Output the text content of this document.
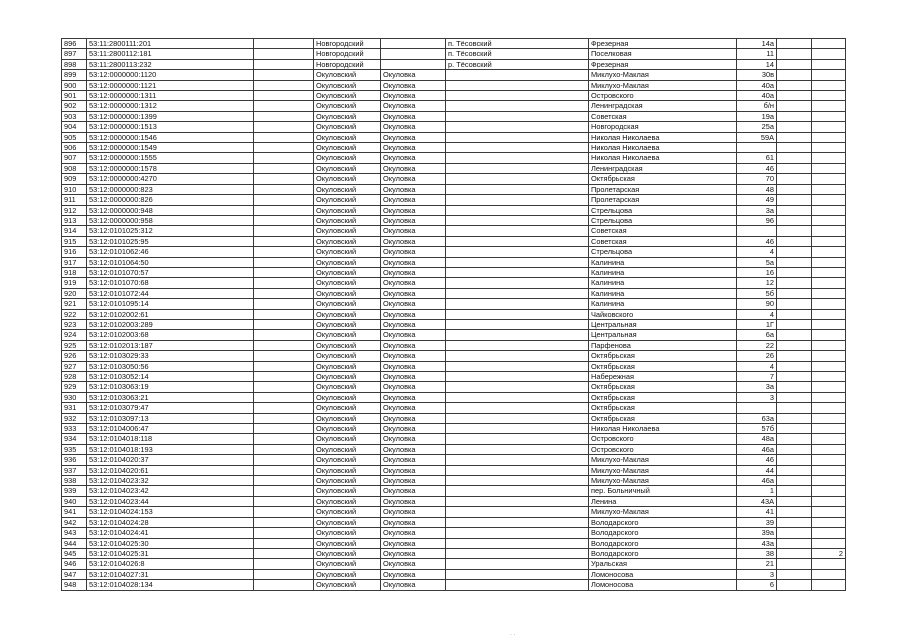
896	53:11:2800111:201		Новгородский		п. Тёсовский	Фрезерная	14а		
897	53:11:2800112:181		Новгородский		п. Тёсовский	Поселковая	11		
898	53:11:2800113:232		Новгородский		р. Тёсовский	Фрезерная	14		
899	53:12:0000000:1120		Окуловский	Окуловка		Миклухо-Маклая	30в		
900	53:12:0000000:1121		Окуловский	Окуловка		Миклухо-Маклая	40а		
901	53:12:0000000:1311		Окуловский	Окуловка		Островского	40а		
902	53:12:0000000:1312		Окуловский	Окуловка		Ленинградская	б/н		
903	53:12:0000000:1399		Окуловский	Окуловка		Советская	19а		
904	53:12:0000000:1513		Окуловский	Окуловка		Новгородская	25а		
905	53:12:0000000:1546		Окуловский	Окуловка		Николая Николаева	59А		
906	53:12:0000000:1549		Окуловский	Окуловка		Николая Николаева			
907	53:12:0000000:1555		Окуловский	Окуловка		Николая Николаева	61		
908	53:12:0000000:1578		Окуловский	Окуловка		Ленинградская	46		
909	53:12:0000000:4270		Окуловский	Окуловка		Октябрьская	70		
910	53:12:0000000:823		Окуловский	Окуловка		Пролетарская	48		
911	53:12:0000000:826		Окуловский	Окуловка		Пролетарская	49		
912	53:12:0000000:948		Окуловский	Окуловка		Стрельцова	3а		
913	53:12:0000000:958		Окуловский	Окуловка		Стрельцова	96		
914	53:12:0101025:312		Окуловский	Окуловка		Советская			
915	53:12:0101025:95		Окуловский	Окуловка		Советская	46		
916	53:12:0101062:46		Окуловский	Окуловка		Стрельцова	4		
917	53:12:0101064:50		Окуловский	Окуловка		Калинина	5а		
918	53:12:0101070:57		Окуловский	Окуловка		Калинина	16		
919	53:12:0101070:68		Окуловский	Окуловка		Калинина	12		
920	53:12:0101072:44		Окуловский	Окуловка		Калинина	5б		
921	53:12:0101095:14		Окуловский	Окуловка		Калинина	90		
922	53:12:0102002:61		Окуловский	Окуловка		Чайковского	4		
923	53:12:0102003:289		Окуловский	Окуловка		Центральная	1Г		
924	53:12:0102003:68		Окуловский	Окуловка		Центральная	6а		
925	53:12:0102013:187		Окуловский	Окуловка		Парфенова	22		
926	53:12:0103029:33		Окуловский	Окуловка		Октябрьская	26		
927	53:12:0103050:56		Окуловский	Окуловка		Октябрьская	4		
928	53:12:0103052:14		Окуловский	Окуловка		Набережная	7		
929	53:12:0103063:19		Окуловский	Окуловка		Октябрьская	3а		
930	53:12:0103063:21		Окуловский	Окуловка		Октябрьская	3		
931	53:12:0103079:47		Окуловский	Окуловка		Октябрьская			
932	53:12:0103097:13		Окуловский	Окуловка		Октябрьская	63а		
933	53:12:0104006:47		Окуловский	Окуловка		Николая Николаева	57б		
934	53:12:0104018:118		Окуловский	Окуловка		Островского	48а		
935	53:12:0104018:193		Окуловский	Окуловка		Островского	46а		
936	53:12:0104020:37		Окуловский	Окуловка		Миклухо-Маклая	46		
937	53:12:0104020:61		Окуловский	Окуловка		Миклухо-Маклая	44		
938	53:12:0104023:32		Окуловский	Окуловка		Миклухо-Маклая	46а		
939	53:12:0104023:42		Окуловский	Окуловка		пер. Больничный	1		
940	53:12:0104023:44		Окуловский	Окуловка		Ленина	43А		
941	53:12:0104024:153		Окуловский	Окуловка		Миклухо-Маклая	41		
942	53:12:0104024:28		Окуловский	Окуловка		Володарского	39		
943	53:12:0104024:41		Окуловский	Окуловка		Володарского	39а		
944	53:12:0104025:30		Окуловский	Окуловка		Володарского	43а		
945	53:12:0104025:31		Окуловский	Окуловка		Володарского	38		2
946	53:12:0104026:8		Окуловский	Окуловка		Уральская	21		
947	53:12:0104027:31		Окуловский	Окуловка		Ломоносова	3		
948	53:12:0104028:134		Окуловский	Окуловка		Ломоносова	6		
· ·
